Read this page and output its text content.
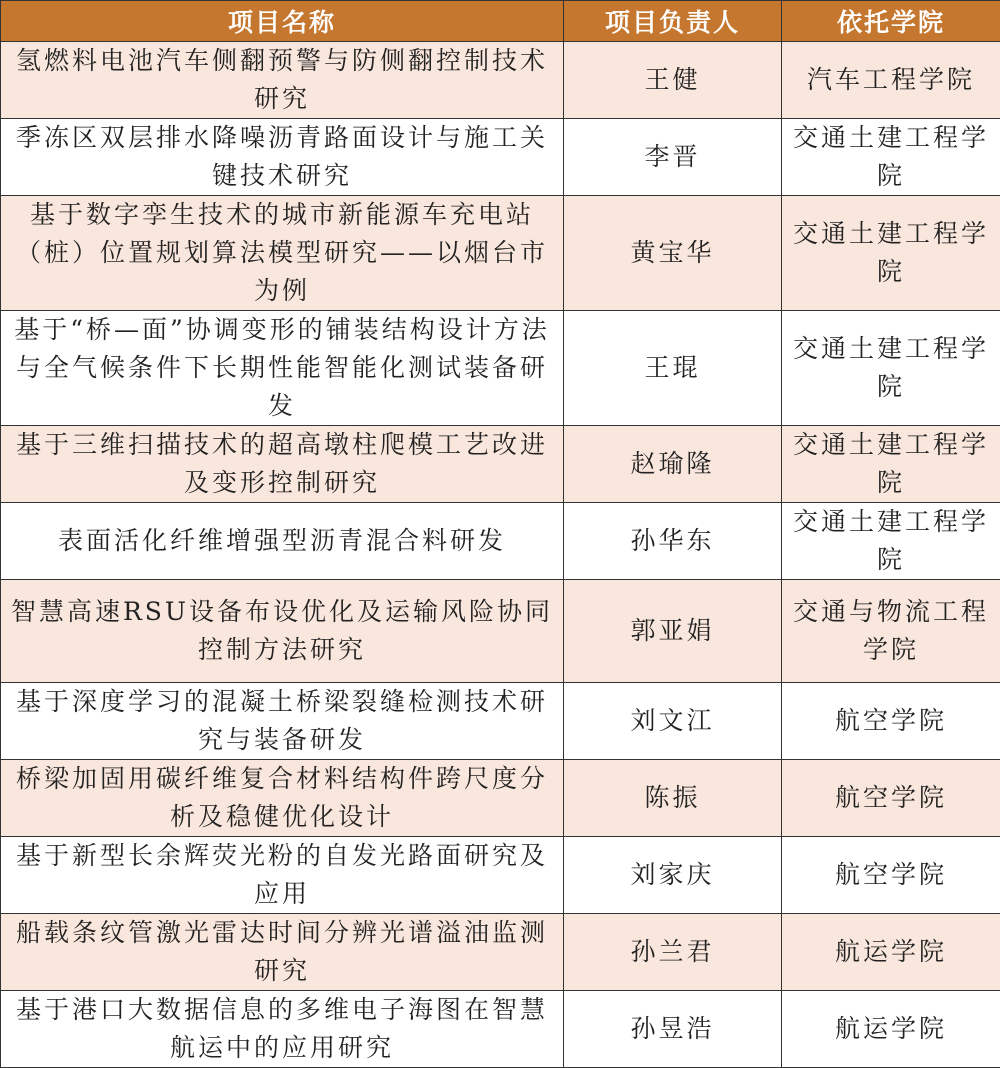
项目名称	项目负责人	依托学院
氢燃料电池汽车侧翻预警与防侧翻控制技术研究	王健	汽车工程学院
季冻区双层排水降噪沥青路面设计与施工关键技术研究	李晋	交通土建工程学院
基于数字孪生技术的城市新能源车充电站（桩）位置规划算法模型研究——以烟台市为例	黄宝华	交通土建工程学院
基于“桥—面”协调变形的铺装结构设计方法与全气候条件下长期性能智能化测试装备研发	王琨	交通土建工程学院
基于三维扫描技术的超高墩柱爬模工艺改进及变形控制研究	赵瑜隆	交通土建工程学院
表面活化纤维增强型沥青混合料研发	孙华东	交通土建工程学院
智慧高速RSU设备布设优化及运输风险协同控制方法研究	郭亚娟	交通与物流工程学院
基于深度学习的混凝土桥梁裂缝检测技术研究与装备研发	刘文江	航空学院
桥梁加固用碳纤维复合材料结构件跨尺度分析及稳健优化设计	陈振	航空学院
基于新型长余辉荧光粉的自发光路面研究及应用	刘家庆	航空学院
船载条纹管激光雷达时间分辨光谱溢油监测研究	孙兰君	航运学院
基于港口大数据信息的多维电子海图在智慧航运中的应用研究	孙昱浩	航运学院
